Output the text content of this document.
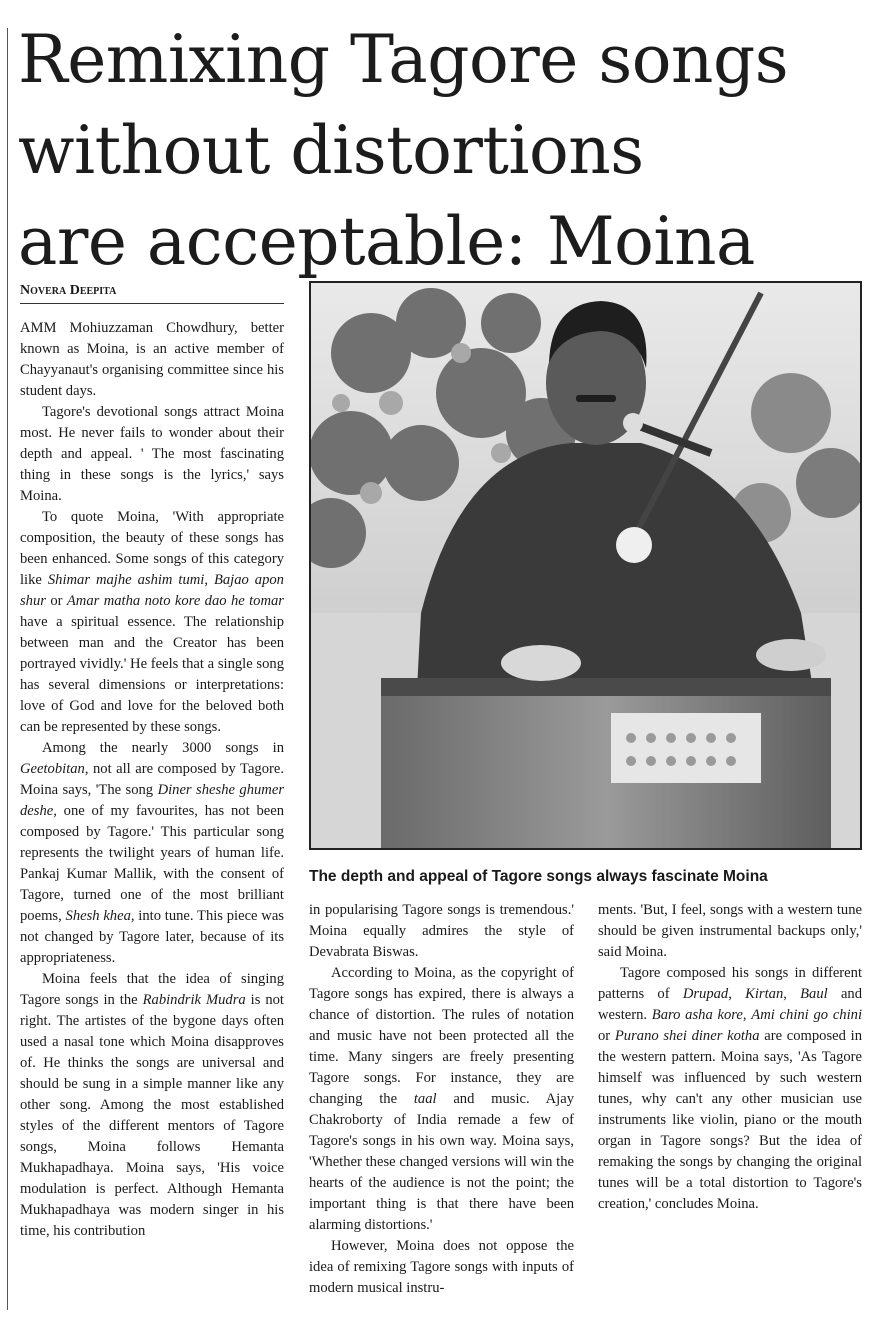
Remixing Tagore songs
without distortions
are acceptable: Moina
Novera Deepita

AMM Mohiuzzaman Chowdhury, better known as Moina, is an active member of Chayyanaut's organising committee since his student days.

Tagore's devotional songs attract Moina most. He never fails to wonder about their depth and appeal. ' The most fascinating thing in these songs is the lyrics,' says Moina.

To quote Moina, 'With appropriate composition, the beauty of these songs has been enhanced. Some songs of this category like Shimar majhe ashim tumi, Bajao apon shur or Amar matha noto kore dao he tomar have a spiritual essence. The relationship between man and the Creator has been portrayed vividly.' He feels that a single song has several dimensions or interpretations: love of God and love for the beloved both can be represented by these songs.

Among the nearly 3000 songs in Geetobitan, not all are composed by Tagore. Moina says, 'The song Diner sheshe ghumer deshe, one of my favourites, has not been composed by Tagore.' This particular song represents the twilight years of human life. Pankaj Kumar Mallik, with the consent of Tagore, turned one of the most brilliant poems, Shesh khea, into tune. This piece was not changed by Tagore later, because of its appropriateness.

Moina feels that the idea of singing Tagore songs in the Rabindrik Mudra is not right. The artistes of the bygone days often used a nasal tone which Moina disapproves of. He thinks the songs are universal and should be sung in a simple manner like any other song. Among the most established styles of the different mentors of Tagore songs, Moina follows Hemanta Mukhapadhaya. Moina says, 'His voice modulation is perfect. Although Hemanta Mukhapadhaya was modern singer in his time, his contribution

The depth and appeal of Tagore songs always fascinate Moina

in popularising Tagore songs is tremendous.' Moina equally admires the style of Devabrata Biswas.

According to Moina, as the copyright of Tagore songs has expired, there is always a chance of distortion. The rules of notation and music have not been protected all the time. Many singers are freely presenting Tagore songs. For instance, they are changing the taal and music. Ajay Chakroborty of India remade a few of Tagore's songs in his own way. Moina says, 'Whether these changed versions will win the hearts of the audience is not the point; the important thing is that there have been alarming distortions.'

However, Moina does not oppose the idea of remixing Tagore songs with inputs of modern musical instru-

ments. 'But, I feel, songs with a western tune should be given instrumental backups only,' said Moina.

Tagore composed his songs in different patterns of Drupad, Kirtan, Baul and western. Baro asha kore, Ami chini go chini or Purano shei diner kotha are composed in the western pattern. Moina says, 'As Tagore himself was influenced by such western tunes, why can't any other musician use instruments like violin, piano or the mouth organ in Tagore songs? But the idea of remaking the songs by changing the original tunes will be a total distortion to Tagore's creation,' concludes Moina.
